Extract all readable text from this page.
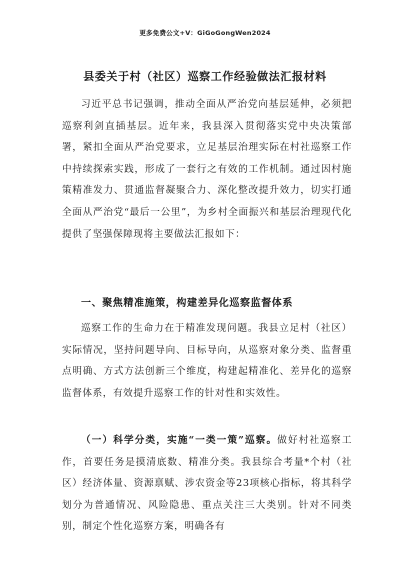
更多免费公文+V：GiGoGongWen2024
县委关于村（社区）巡察工作经验做法汇报材料
习近平总书记强调，推动全面从严治党向基层延伸，必须把巡察利剑直插基层。近年来，我县深入贯彻落实党中央决策部署，紧扣全面从严治党要求，立足基层治理实际在村社巡察工作中持续探索实践，形成了一套行之有效的工作机制。通过因村施策精准发力、贯通监督凝聚合力、深化整改提升效力，切实打通全面从严治党“最后一公里”，为乡村全面振兴和基层治理现代化提供了坚强保障现将主要做法汇报如下：
一、聚焦精准施策，构建差异化巡察监督体系
巡察工作的生命力在于精准发现问题。我县立足村（社区）实际情况，坚持问题导向、目标导向，从巡察对象分类、监督重点明确、方式方法创新三个维度，构建起精准化、差异化的巡察监督体系，有效提升巡察工作的针对性和实效性。
（一）科学分类，实施“一类一策”巡察。做好村社巡察工作，首要任务是摸清底数、精准分类。我县综合考量*个村（社区）经济体量、资源禀赋、涉农资金等23项核心指标，将其科学划分为普通情况、风险隐患、重点关注三大类别。针对不同类别，制定个性化巡察方案，明确各有
